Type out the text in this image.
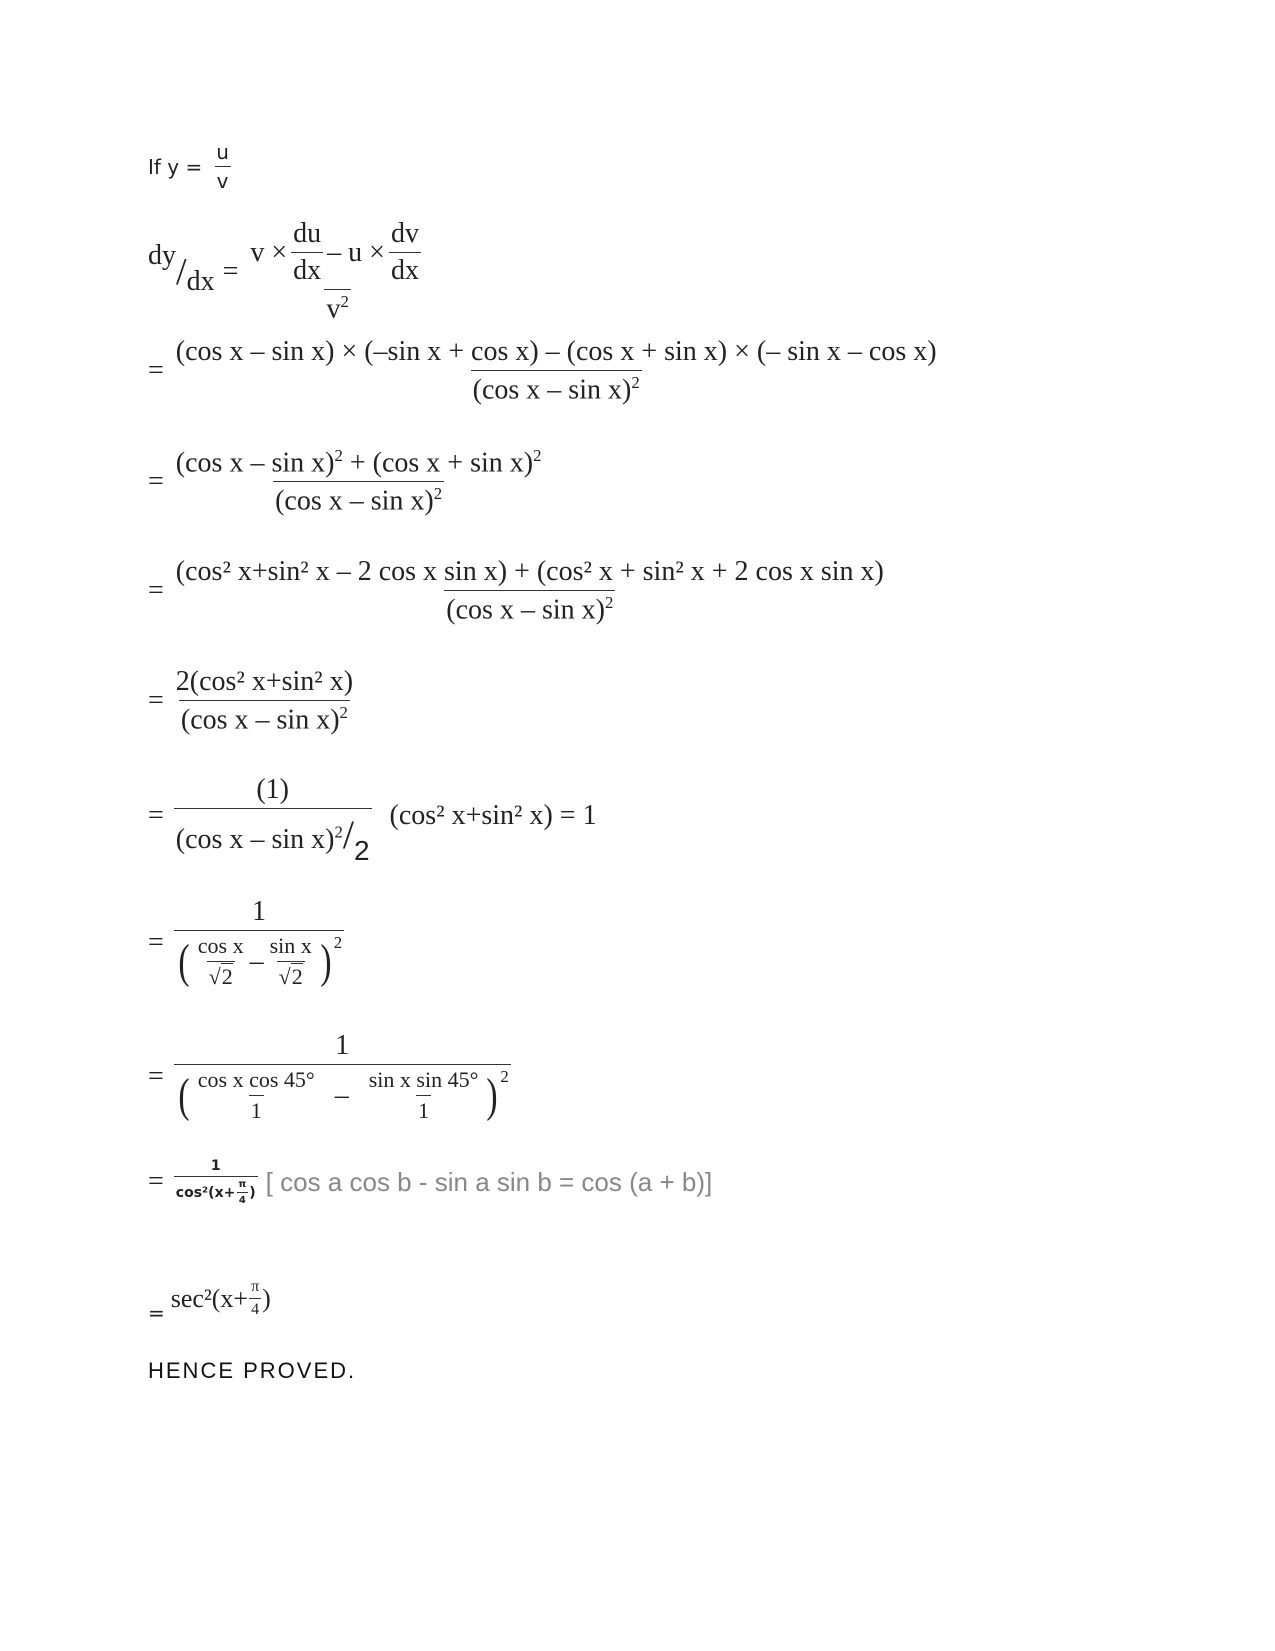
If $y = \frac{u}{v}$
dy / dx =
$v \times \frac{du}{dx} - u \times \frac{dv}{dx}$
$v^2$
=
(cos x – sin x) × (–sin x + cos x) – (cos x + sin x) × (– sin x – cos x)
(cos x – sin x)$^2$
= $\frac{(\cos x - \sin x)^2 + (\cos x + \sin x)^2}{(\cos x - \sin x)^2}$
=
(cos² x+sin² x – 2 cos x sin x) + (cos² x + sin² x + 2 cos x sin x)
(cos x – sin x)$^2$
= $\frac{\text{2(cos² x+sin² x)}}{(\cos x - \sin x)^2}$
= $\frac{(1)}{(\cos x - \sin x)^2/2} (\cos^2$ x+sin² x) = 1
=
1
( $\frac{\text{cos x}}{√2} - \frac{\text{sin x}}{√2} )^2$
=
1
( $\frac{\text{cos x cos 45°}}{1} - \frac{\text{sin x sin 45°}}{1} )^2$
= $\frac{1}{\cos^2(x+ \frac{\pi}{4} )}$ [ cos a cos b - sin a sin b = cos (a + b)]
= $\sec^2(x+ \frac{\pi}{4}$ )
HENCE PROVED.
